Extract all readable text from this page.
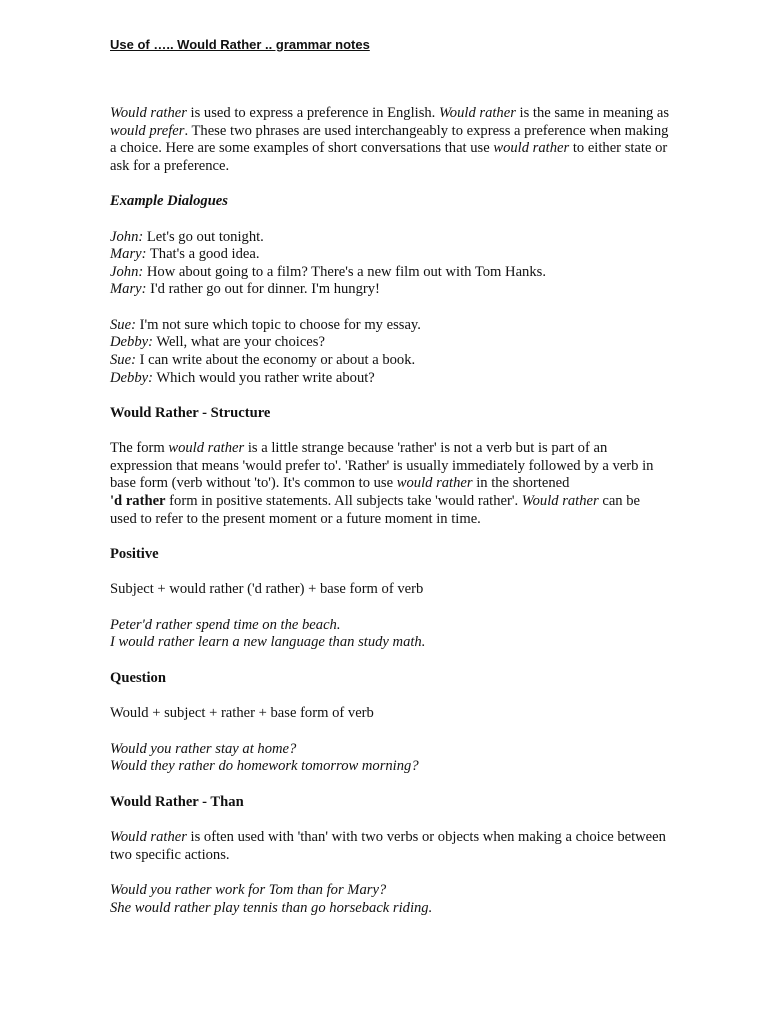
Use of ….. Would Rather .. grammar notes

Would rather is used to express a preference in English. Would rather is the same in meaning as would prefer. These two phrases are used interchangeably to express a preference when making a choice. Here are some examples of short conversations that use would rather to either state or ask for a preference.

Example Dialogues

John: Let's go out tonight.

Mary: That's a good idea.

John: How about going to a film? There's a new film out with Tom Hanks.

Mary: I'd rather go out for dinner. I'm hungry!

Sue: I'm not sure which topic to choose for my essay.

Debby: Well, what are your choices?

Sue: I can write about the economy or about a book.

Debby: Which would you rather write about?

Would Rather - Structure

The form would rather is a little strange because 'rather' is not a verb but is part of an expression that means 'would prefer to'. 'Rather' is usually immediately followed by a verb in base form (verb without 'to'). It's common to use would rather in the shortened
'd rather form in positive statements. All subjects take 'would rather'. Would rather can be used to refer to the present moment or a future moment in time.

Positive

Subject + would rather ('d rather) + base form of verb

Peter'd rather spend time on the beach.

I would rather learn a new language than study math.

Question

Would + subject + rather + base form of verb

Would you rather stay at home?

Would they rather do homework tomorrow morning?

Would Rather - Than

Would rather is often used with 'than' with two verbs or objects when making a choice between two specific actions.

Would you rather work for Tom than for Mary?

She would rather play tennis than go horseback riding.
